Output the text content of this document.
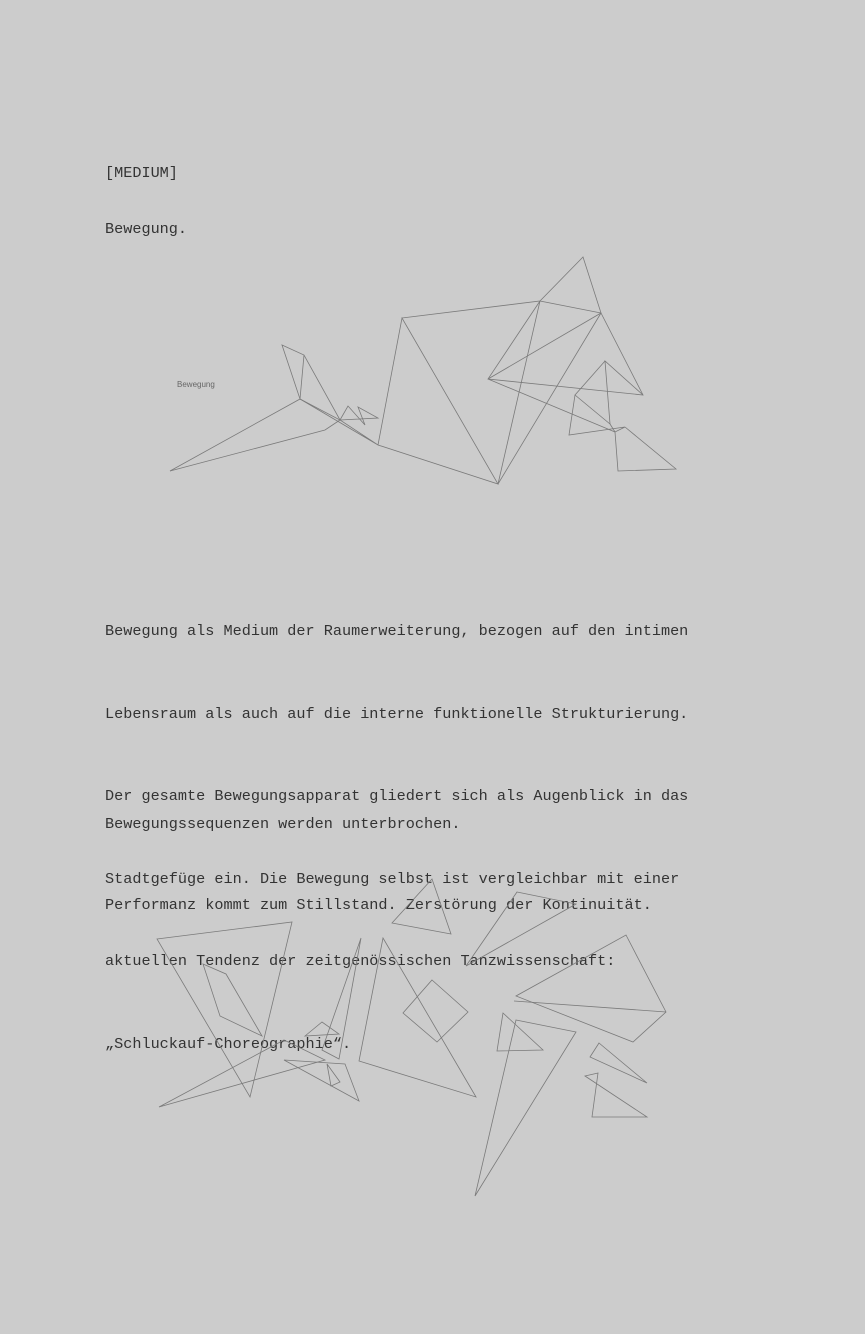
[MEDIUM]
Bewegung.
Bewegung

Bewegung als Medium der Raumerweiterung, bezogen auf den intimen

Lebensraum als auch auf die interne funktionelle Strukturierung.

Der gesamte Bewegungsapparat gliedert sich als Augenblick in das

Stadtgefüge ein. Die Bewegung selbst ist vergleichbar mit einer

aktuellen Tendenz der zeitgenössischen Tanzwissenschaft:

„Schluckauf-Choreographie“.

Bewegungssequenzen werden unterbrochen.

Performanz kommt zum Stillstand. Zerstörung der Kontinuität.
